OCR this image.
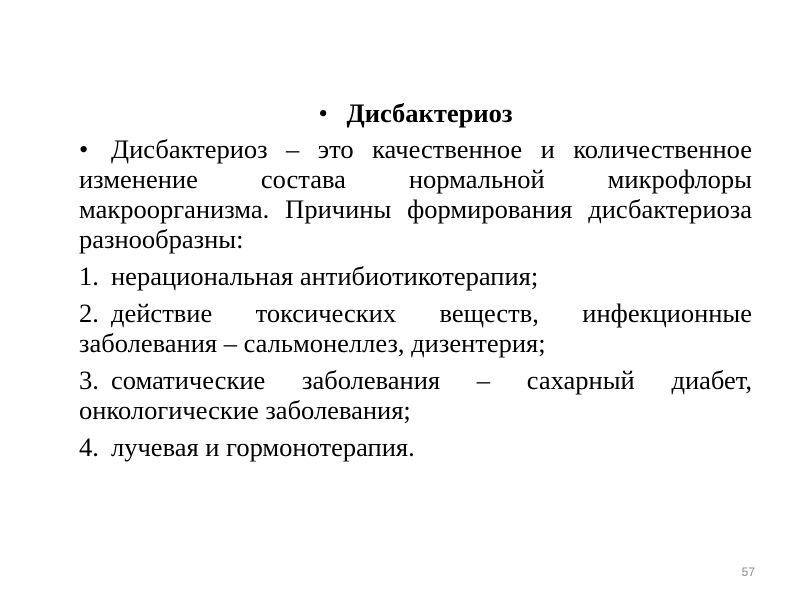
• Дисбактериоз
• Дисбактериоз – это качественное и количественное изменение состава нормальной микрофлоры макроорганизма. Причины формирования дисбактериоза разнообразны:
1. нерациональная антибиотикотерапия;
2. действие токсических веществ, инфекционные заболевания – сальмонеллез, дизентерия;
3. соматические заболевания – сахарный диабет, онкологические заболевания;
4. лучевая и гормонотерапия.
57
